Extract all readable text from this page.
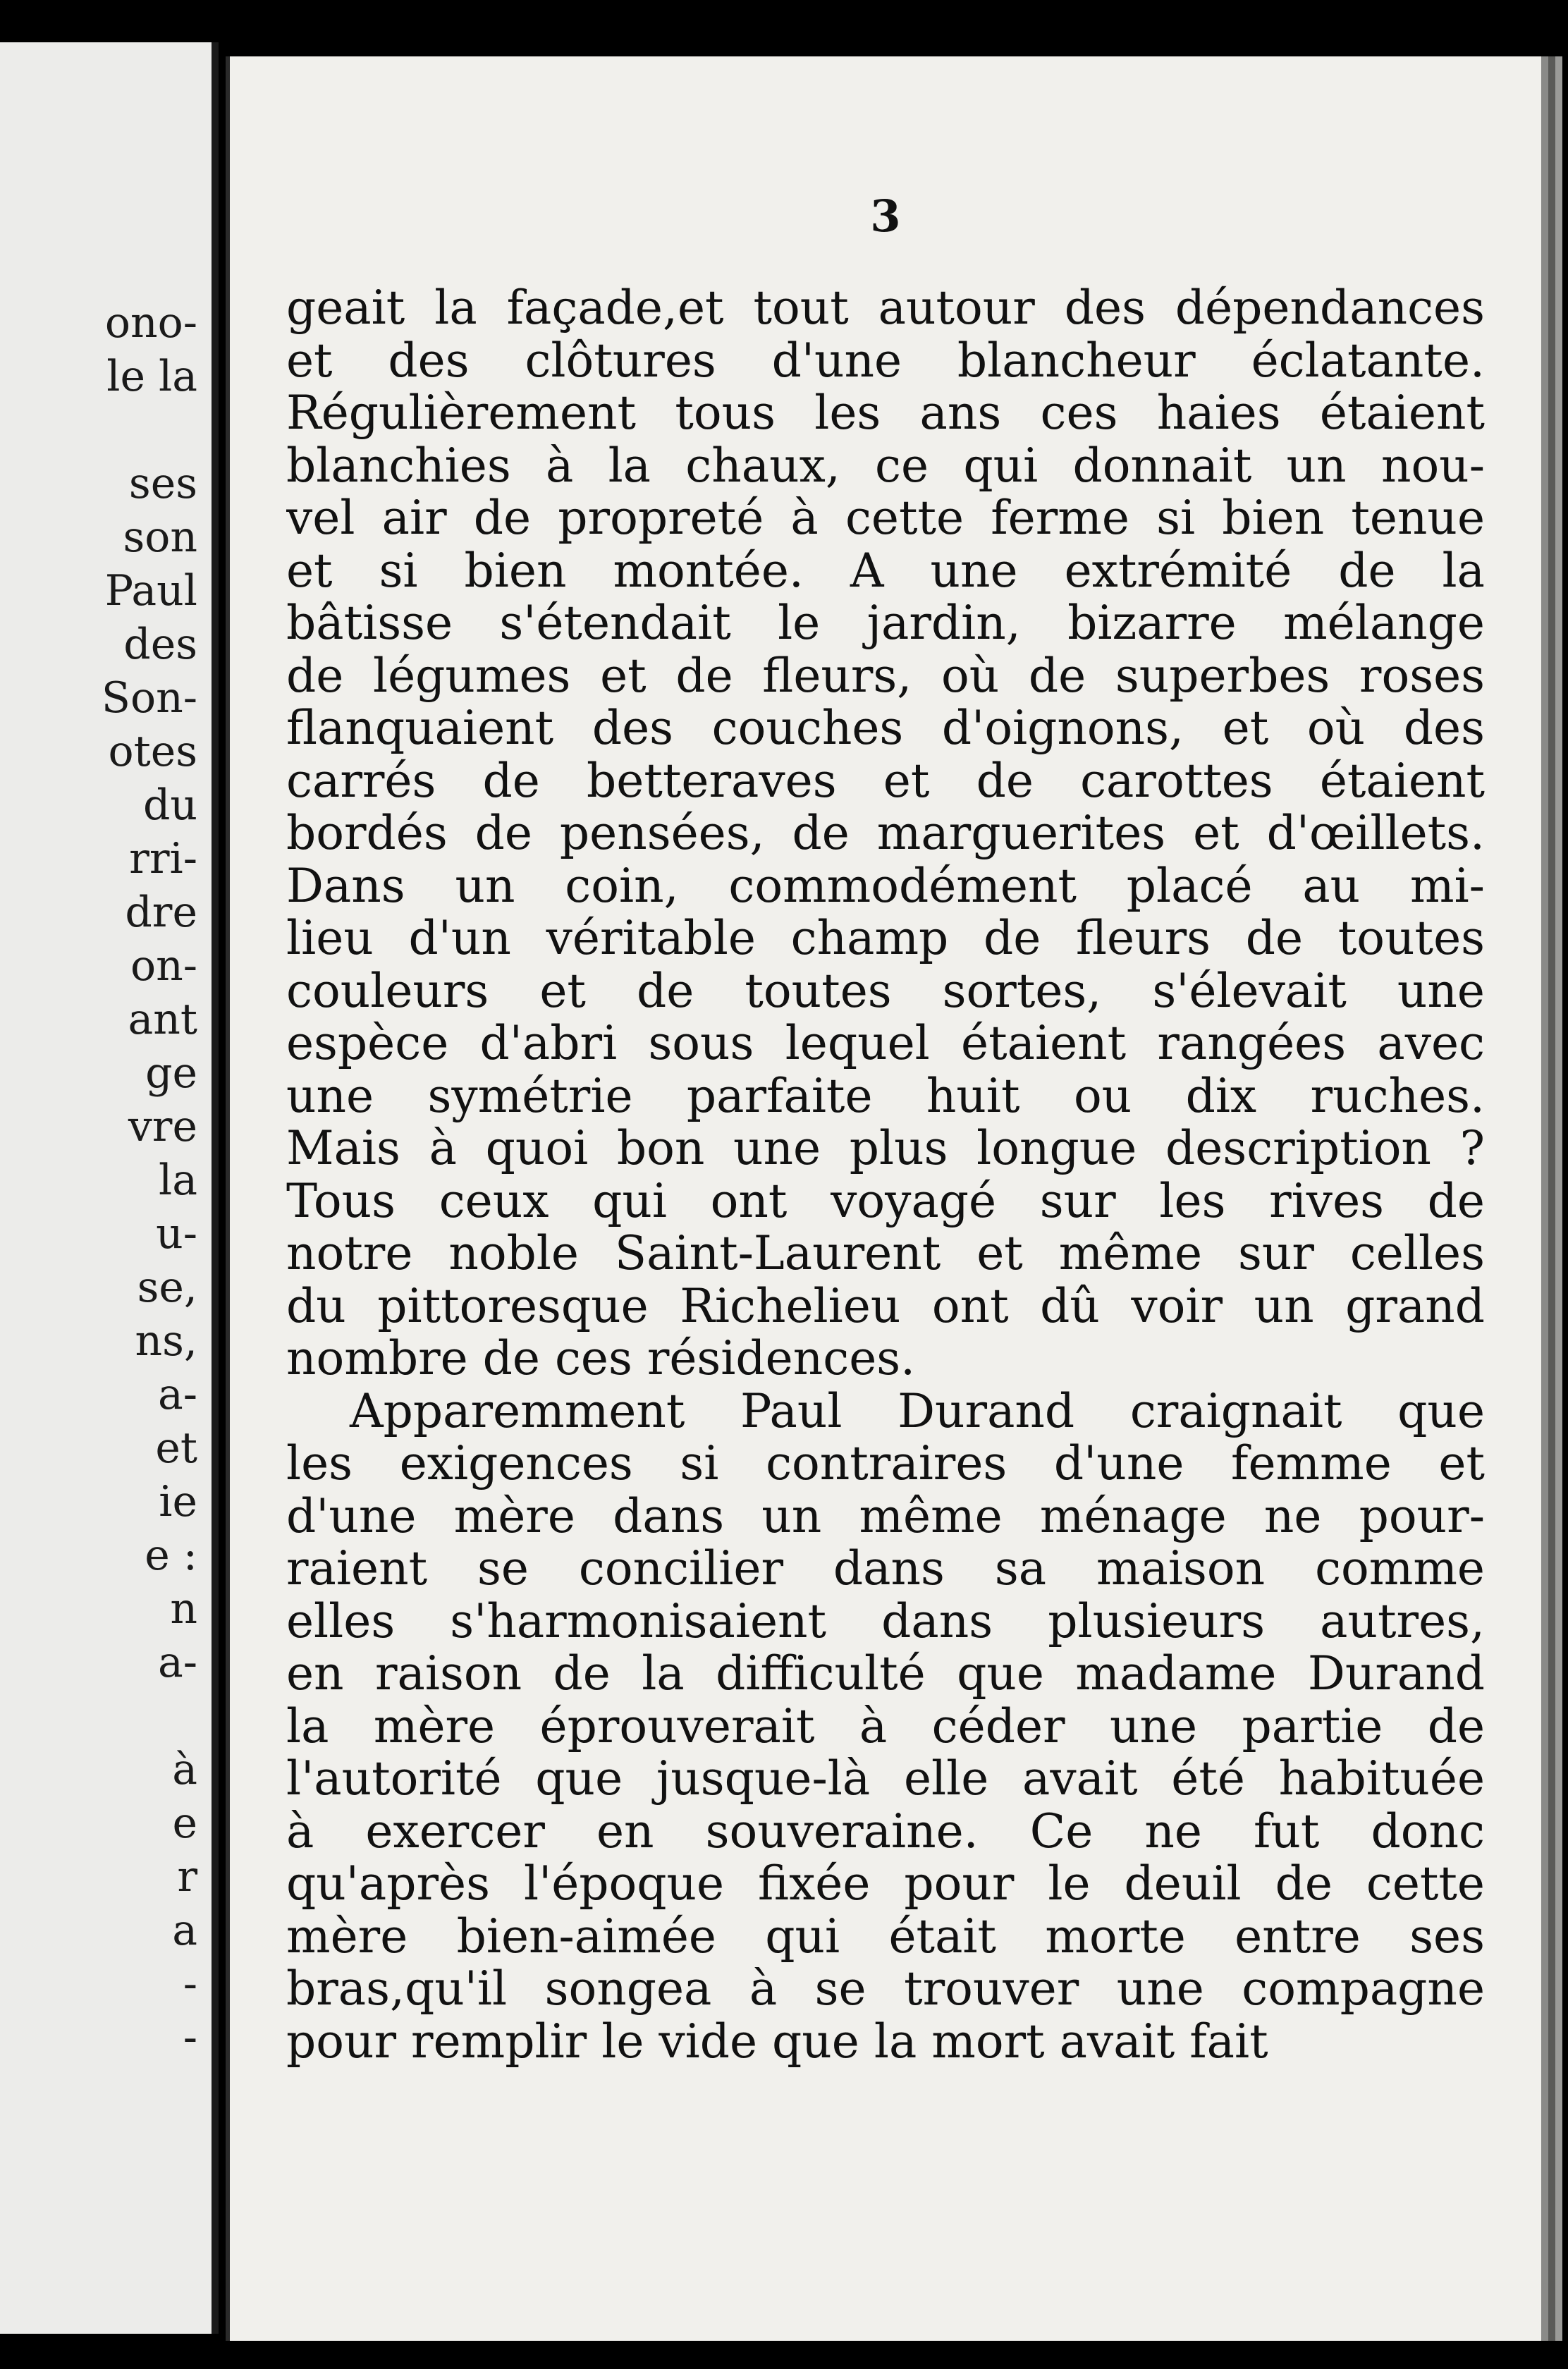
ono-
le la
ses
son
Paul
des
Son-
otes
du
rri-
dre
on-
ant
ge
vre
la
u-
se,
ns,
a-
et
ie
e :
n
a-
à
e
r
a
-
-
3
geait la façade,et tout autour des dépendances
et des clôtures d'une blancheur éclatante.
Régulièrement tous les ans ces haies étaient
blanchies à la chaux, ce qui donnait un nou-
vel air de propreté à cette ferme si bien tenue
et si bien montée. A une extrémité de la
bâtisse s'étendait le jardin, bizarre mélange
de légumes et de fleurs, où de superbes roses
flanquaient des couches d'oignons, et où des
carrés de betteraves et de carottes étaient
bordés de pensées, de marguerites et d'œillets.
Dans un coin, commodément placé au mi-
lieu d'un véritable champ de fleurs de toutes
couleurs et de toutes sortes, s'élevait une
espèce d'abri sous lequel étaient rangées avec
une symétrie parfaite huit ou dix ruches.
Mais à quoi bon une plus longue description ?
Tous ceux qui ont voyagé sur les rives de
notre noble Saint-Laurent et même sur celles
du pittoresque Richelieu ont dû voir un grand
nombre de ces résidences.
Apparemment Paul Durand craignait que
les exigences si contraires d'une femme et
d'une mère dans un même ménage ne pour-
raient se concilier dans sa maison comme
elles s'harmonisaient dans plusieurs autres,
en raison de la difficulté que madame Durand
la mère éprouverait à céder une partie de
l'autorité que jusque-là elle avait été habituée
à exercer en souveraine. Ce ne fut donc
qu'après l'époque fixée pour le deuil de cette
mère bien-aimée qui était morte entre ses
bras,qu'il songea à se trouver une compagne
pour remplir le vide que la mort avait fait
